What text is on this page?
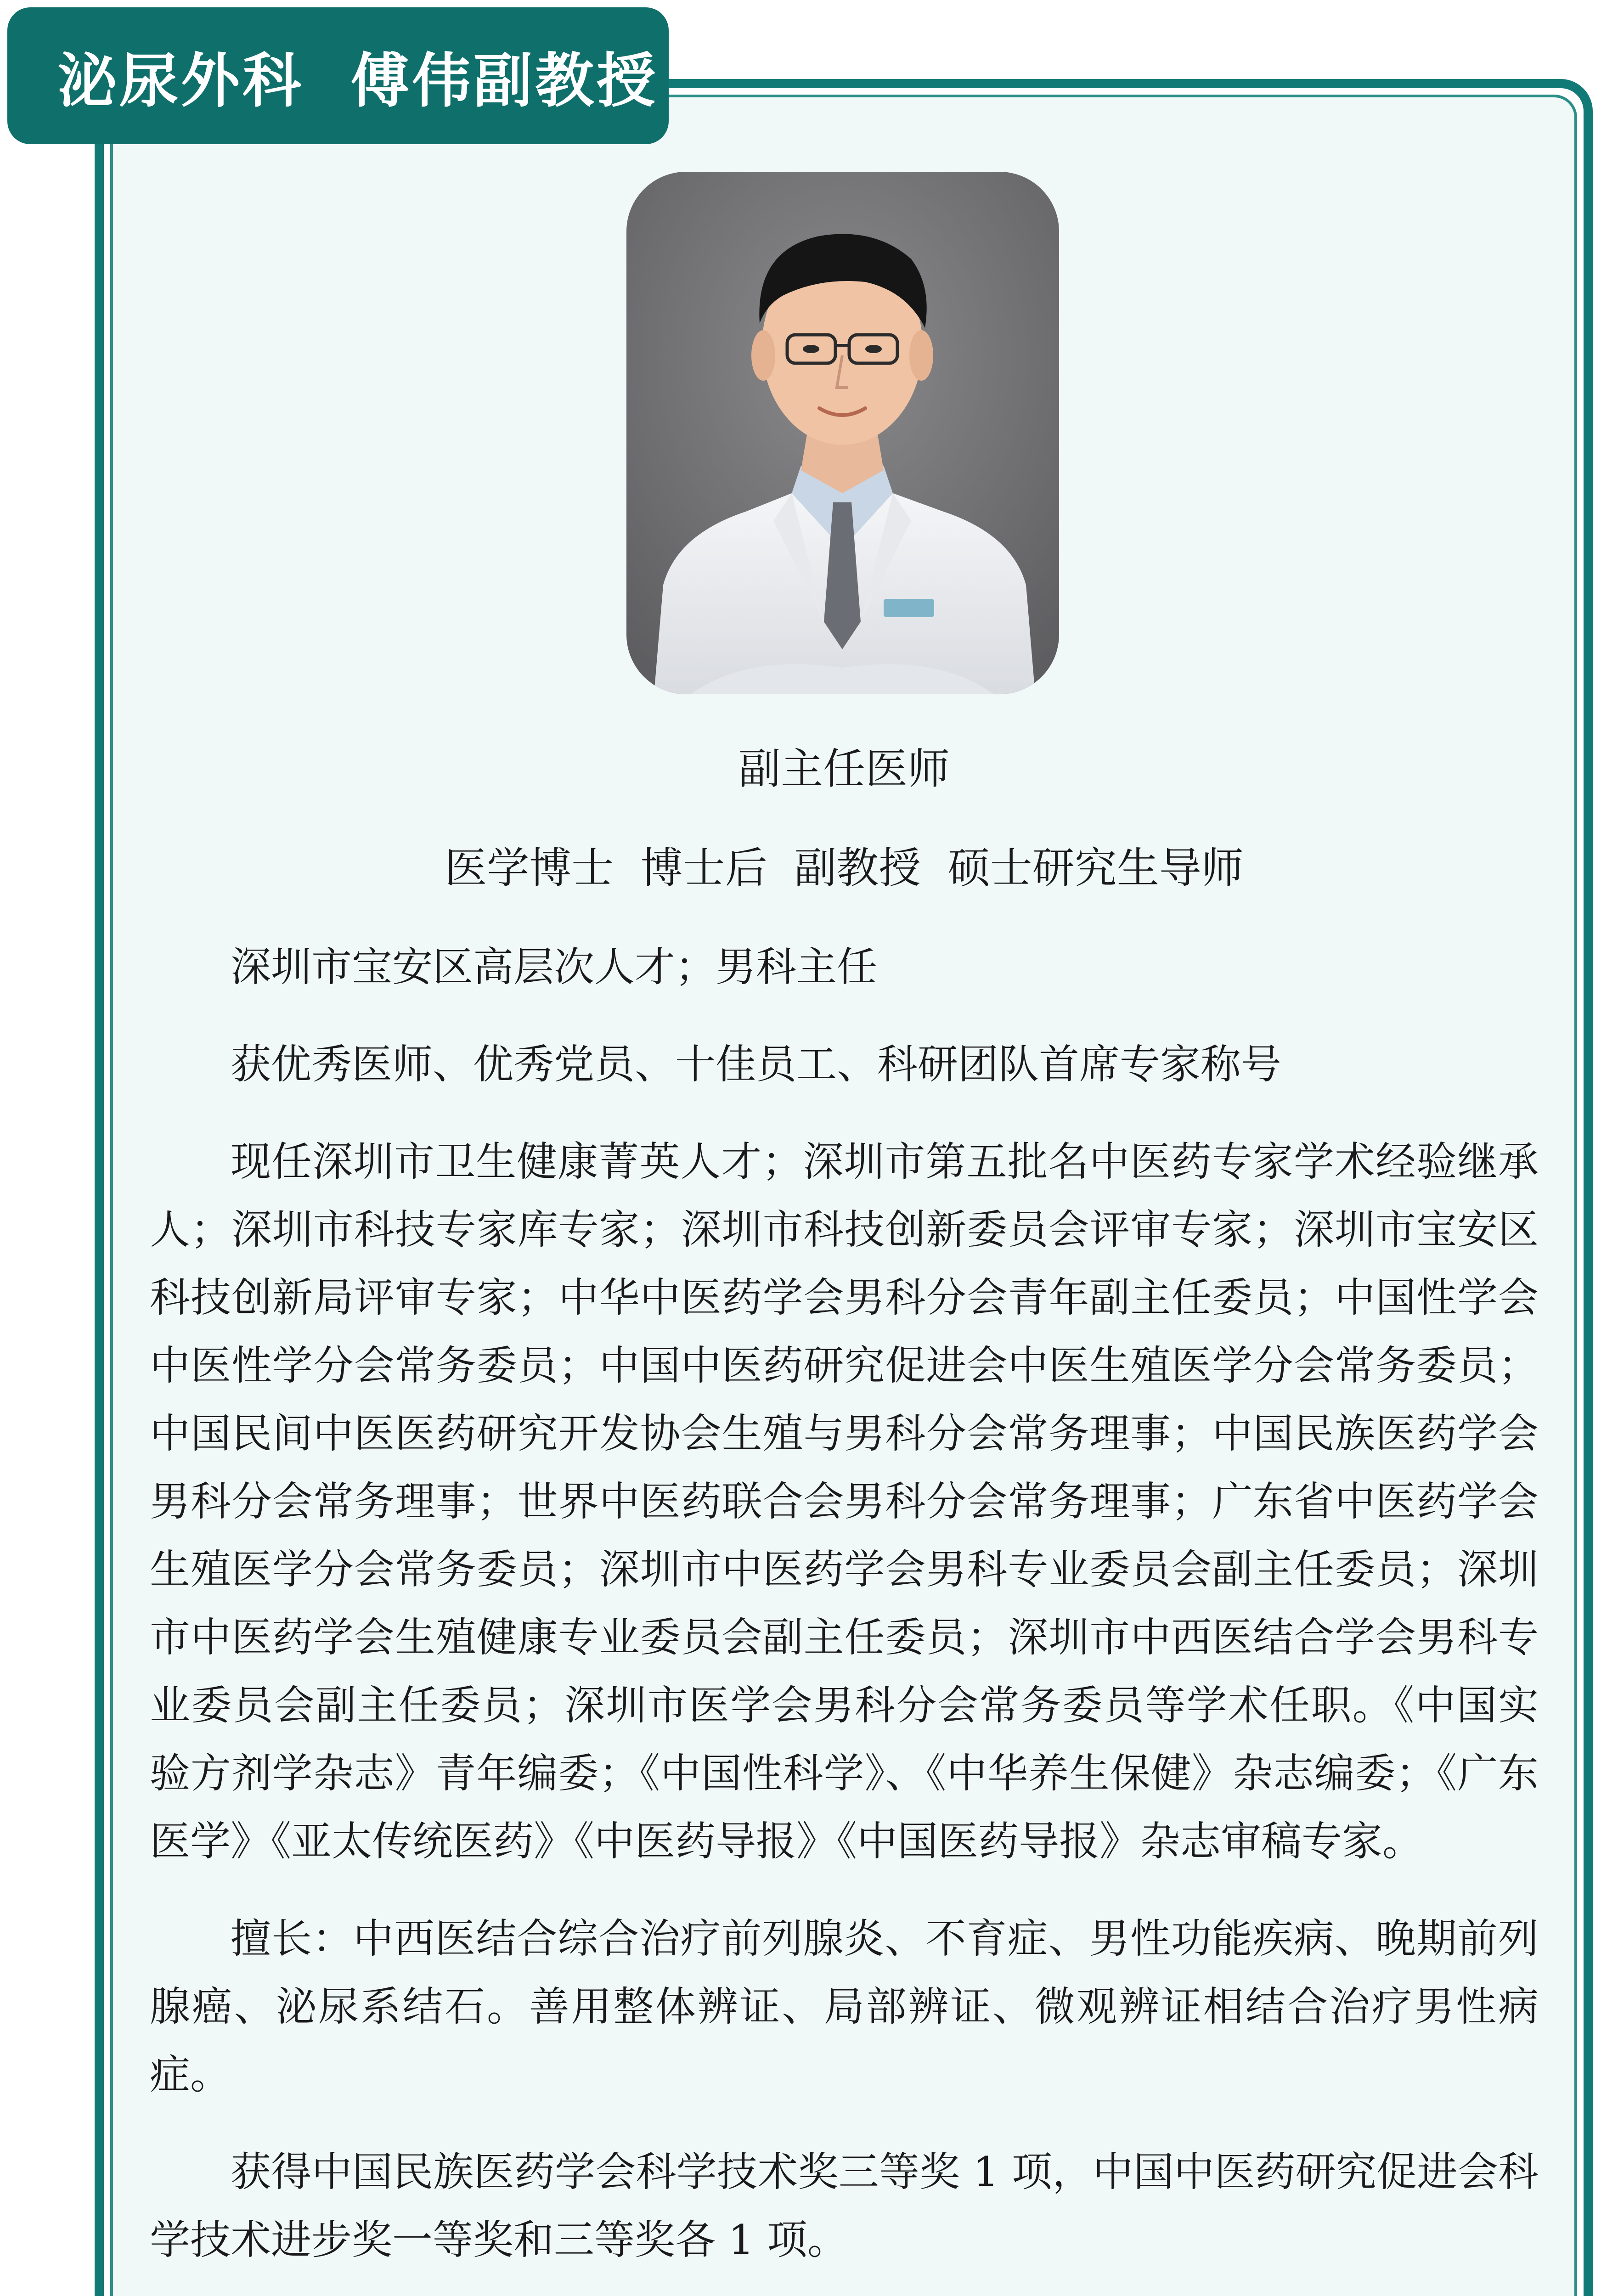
泌尿外科  傅伟副教授

副主任医师

医学博士  博士后  副教授  硕士研究生导师

深圳市宝安区高层次人才；男科主任

获优秀医师、优秀党员、十佳员工、科研团队首席专家称号

现任深圳市卫生健康菁英人才；深圳市第五批名中医药专家学术经验继承人；深圳市科技专家库专家；深圳市科技创新委员会评审专家；深圳市宝安区科技创新局评审专家；中华中医药学会男科分会青年副主任委员；中国性学会中医性学分会常务委员；中国中医药研究促进会中医生殖医学分会常务委员；中国民间中医医药研究开发协会生殖与男科分会常务理事；中国民族医药学会男科分会常务理事；世界中医药联合会男科分会常务理事；广东省中医药学会生殖医学分会常务委员；深圳市中医药学会男科专业委员会副主任委员；深圳市中医药学会生殖健康专业委员会副主任委员；深圳市中西医结合学会男科专业委员会副主任委员；深圳市医学会男科分会常务委员等学术任职。《中国实验方剂学杂志》青年编委；《中国性科学》、《中华养生保健》杂志编委；《广东医学》《亚太传统医药》《中医药导报》《中国医药导报》杂志审稿专家。

擅长：中西医结合综合治疗前列腺炎、不育症、男性功能疾病、晚期前列腺癌、泌尿系结石。善用整体辨证、局部辨证、微观辨证相结合治疗男性病症。

获得中国民族医药学会科学技术奖三等奖 1 项，中国中医药研究促进会科学技术进步奖一等奖和三等奖各 1 项。
